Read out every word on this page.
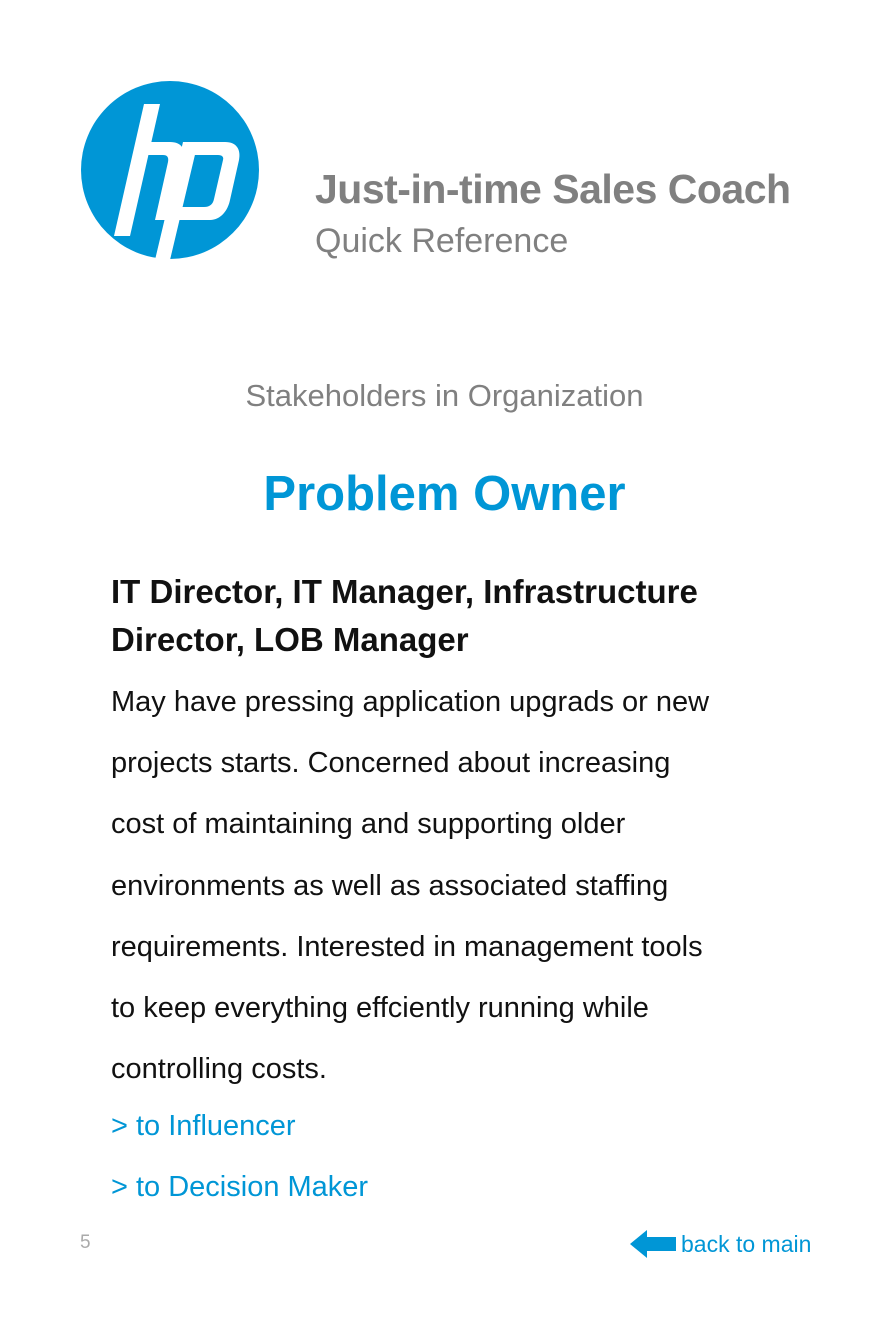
Just-in-time Sales Coach
Quick Reference
Stakeholders in Organization
Problem Owner
IT Director, IT Manager, Infrastructure
Director, LOB Manager
May have pressing application upgrads or new
projects starts. Concerned about increasing
cost of maintaining and supporting older
environments as well as associated staffing
requirements. Interested in management tools
to keep everything effciently running while
controlling costs.
> to Influencer
> to Decision Maker
5	back to main
